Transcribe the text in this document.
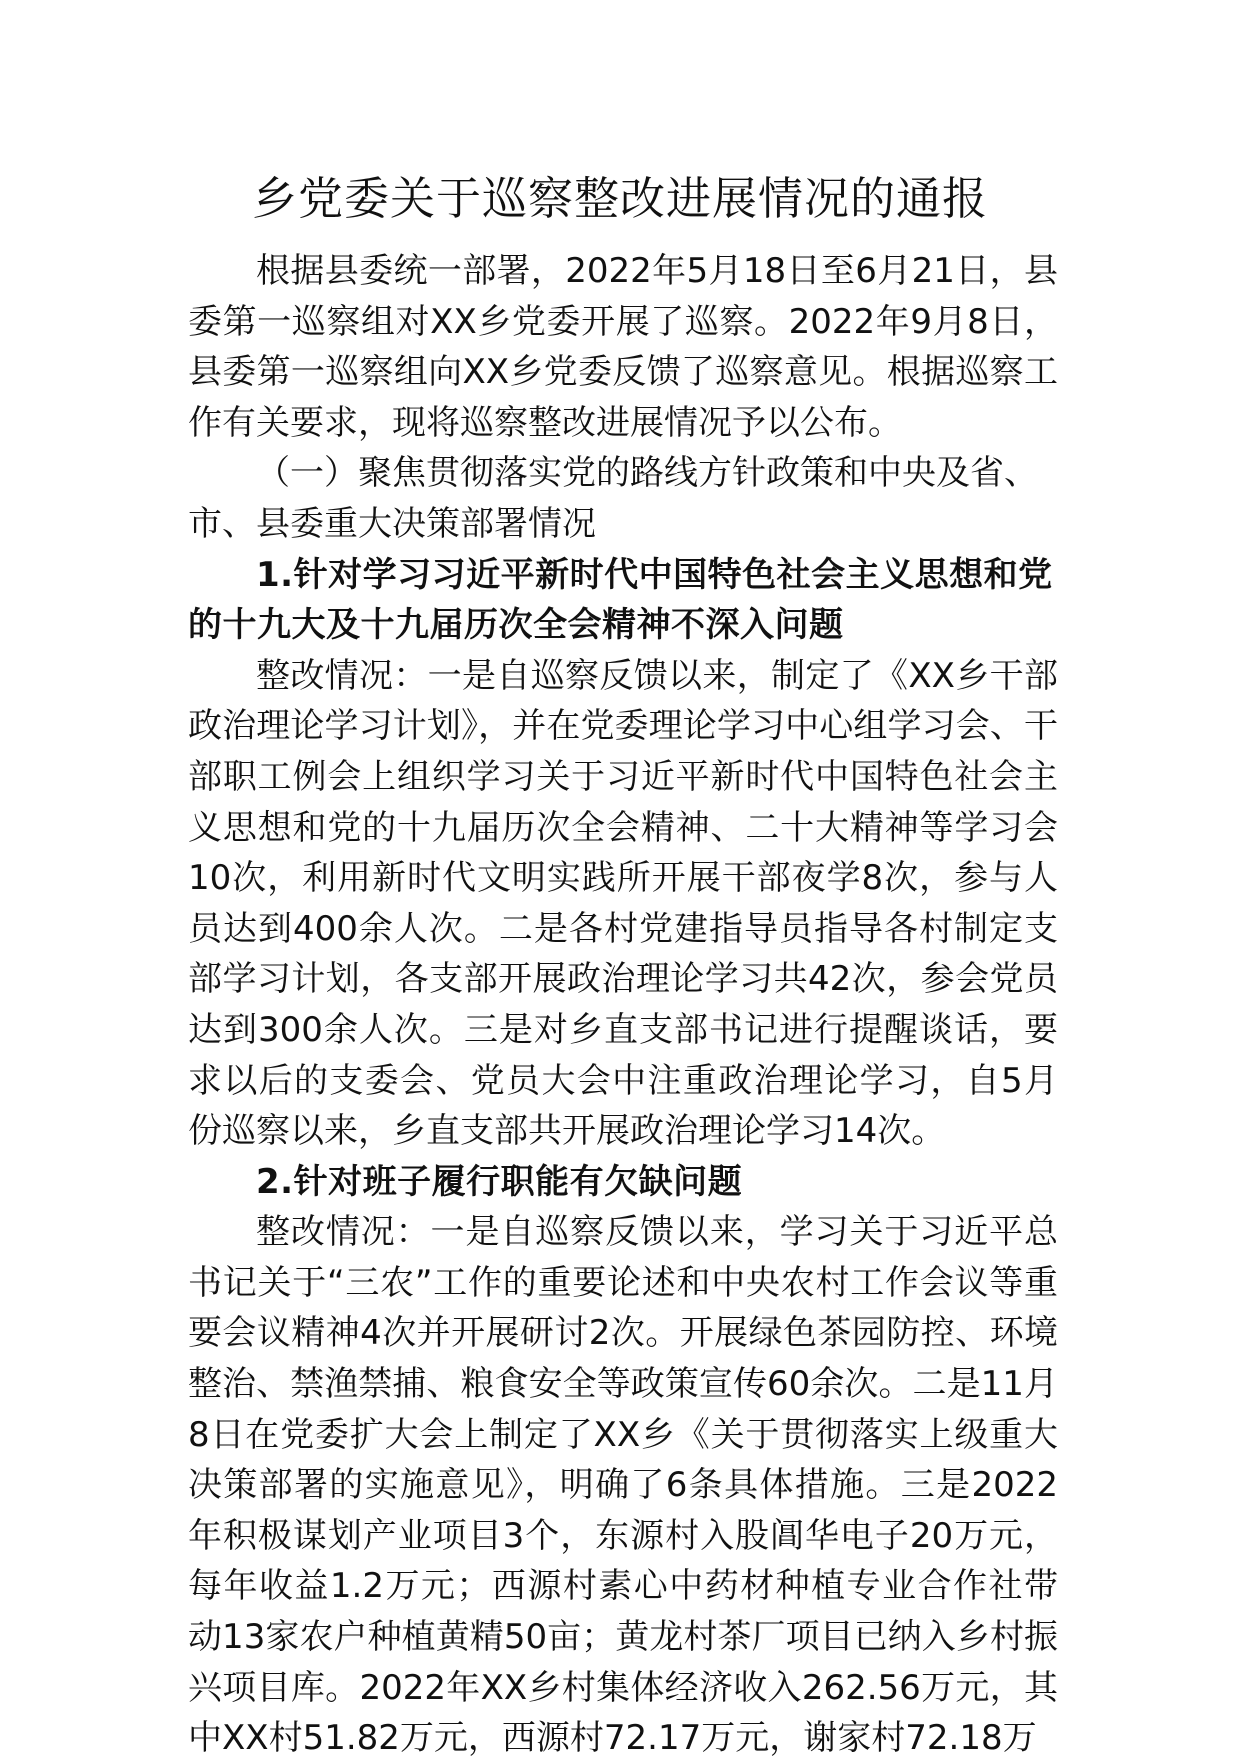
乡党委关于巡察整改进展情况的通报

根据县委统一部署，2022年5月18日至6月21日，县委第一巡察组对XX乡党委开展了巡察。2022年9月8日，县委第一巡察组向XX乡党委反馈了巡察意见。根据巡察工作有关要求，现将巡察整改进展情况予以公布。

（一）聚焦贯彻落实党的路线方针政策和中央及省、市、县委重大决策部署情况

1.针对学习习近平新时代中国特色社会主义思想和党的十九大及十九届历次全会精神不深入问题

整改情况：一是自巡察反馈以来，制定了《XX乡干部政治理论学习计划》，并在党委理论学习中心组学习会、干部职工例会上组织学习关于习近平新时代中国特色社会主义思想和党的十九届历次全会精神、二十大精神等学习会10次，利用新时代文明实践所开展干部夜学8次，参与人员达到400余人次。二是各村党建指导员指导各村制定支部学习计划，各支部开展政治理论学习共42次，参会党员达到300余人次。三是对乡直支部书记进行提醒谈话，要求以后的支委会、党员大会中注重政治理论学习，自5月份巡察以来，乡直支部共开展政治理论学习14次。

2.针对班子履行职能有欠缺问题

整改情况：一是自巡察反馈以来，学习关于习近平总书记关于“三农”工作的重要论述和中央农村工作会议等重要会议精神4次并开展研讨2次。开展绿色茶园防控、环境整治、禁渔禁捕、粮食安全等政策宣传60余次。二是11月8日在党委扩大会上制定了XX乡《关于贯彻落实上级重大决策部署的实施意见》，明确了6条具体措施。三是2022年积极谋划产业项目3个，东源村入股阊华电子20万元，每年收益1.2万元；西源村素心中药材种植专业合作社带动13家农户种植黄精50亩；黄龙村茶厂项目已纳入乡村振兴项目库。2022年XX乡村集体经济收入262.56万元，其中XX村51.82万元，西源村72.17万元，谢家村72.18万
